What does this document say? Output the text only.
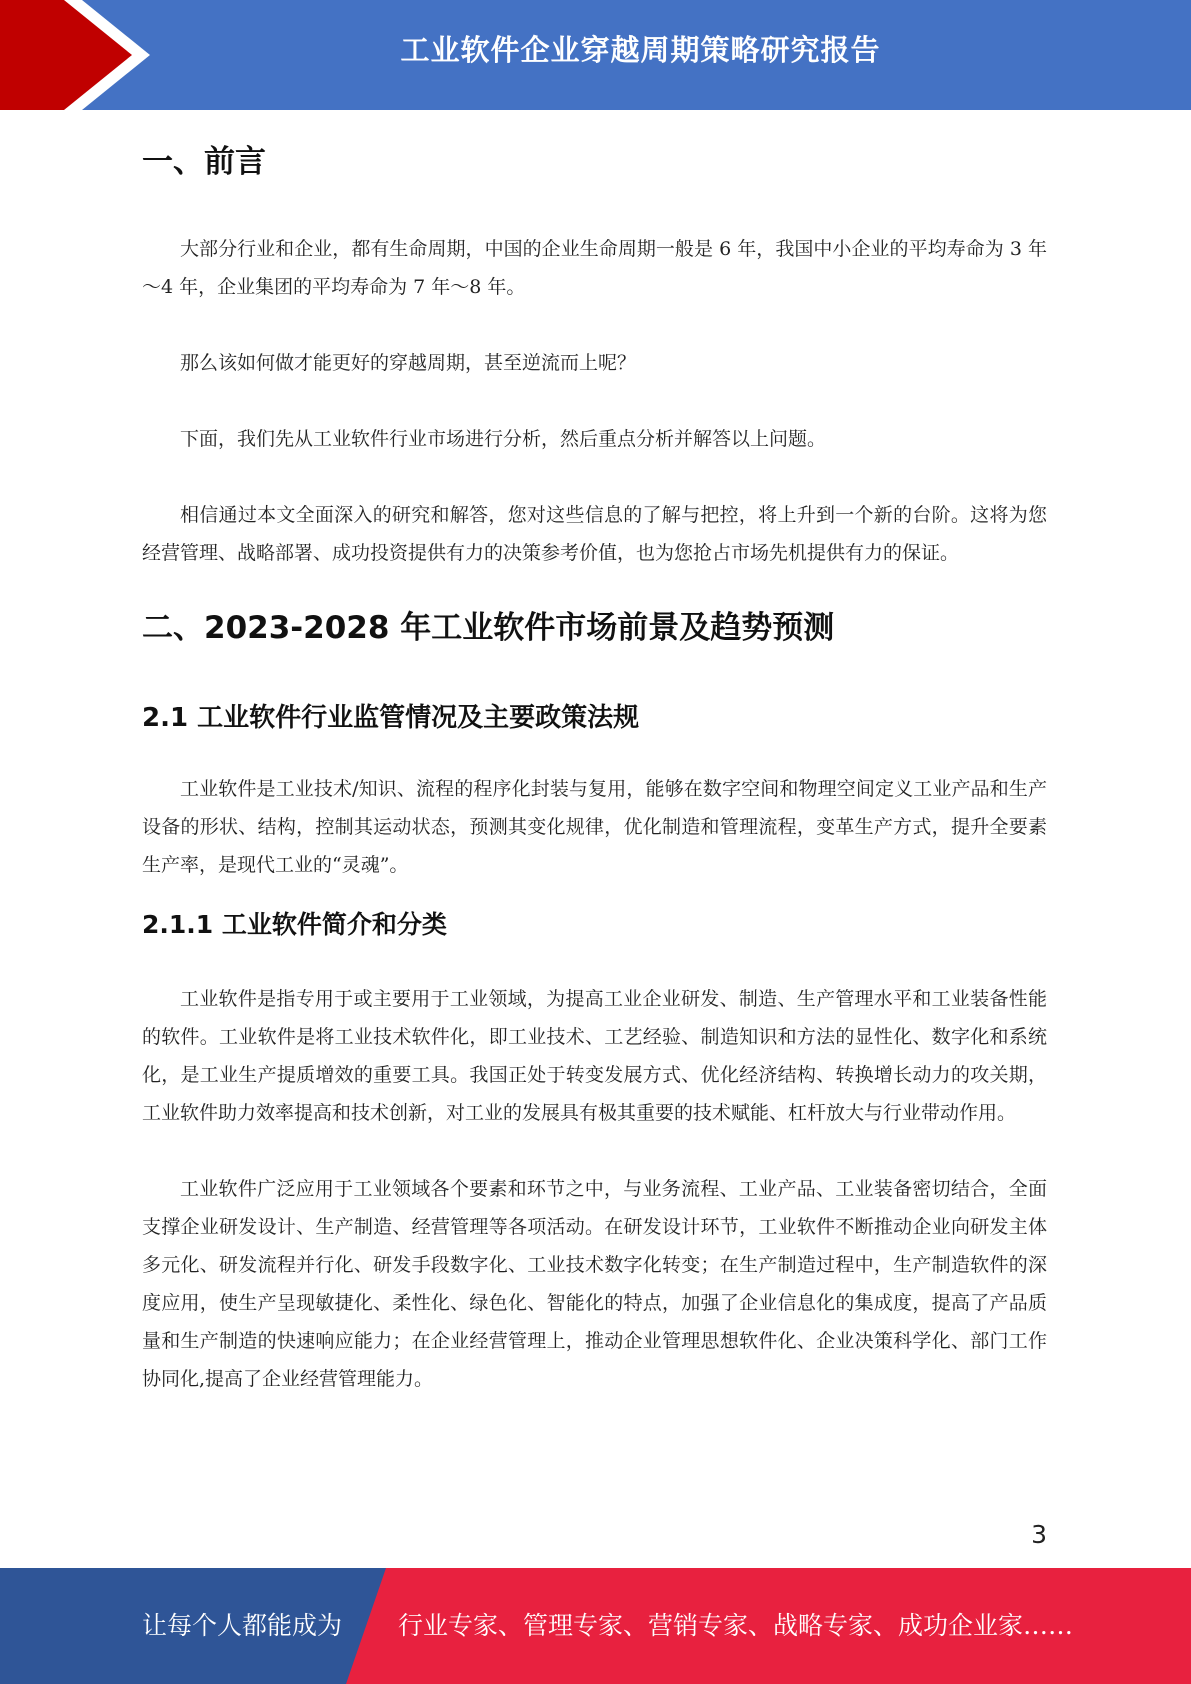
工业软件企业穿越周期策略研究报告
一、前言

大部分行业和企业，都有生命周期，中国的企业生命周期一般是 6 年，我国中小企业的平均寿命为 3 年～4 年，企业集团的平均寿命为 7 年～8 年。

那么该如何做才能更好的穿越周期，甚至逆流而上呢？

下面，我们先从工业软件行业市场进行分析，然后重点分析并解答以上问题。

相信通过本文全面深入的研究和解答，您对这些信息的了解与把控，将上升到一个新的台阶。这将为您经营管理、战略部署、成功投资提供有力的决策参考价值，也为您抢占市场先机提供有力的保证。

二、2023-2028 年工业软件市场前景及趋势预测
2.1 工业软件行业监管情况及主要政策法规

工业软件是工业技术/知识、流程的程序化封装与复用，能够在数字空间和物理空间定义工业产品和生产设备的形状、结构，控制其运动状态，预测其变化规律，优化制造和管理流程，变革生产方式，提升全要素生产率，是现代工业的“灵魂”。

2.1.1 工业软件简介和分类

工业软件是指专用于或主要用于工业领域，为提高工业企业研发、制造、生产管理水平和工业装备性能的软件。工业软件是将工业技术软件化，即工业技术、工艺经验、制造知识和方法的显性化、数字化和系统化，是工业生产提质增效的重要工具。我国正处于转变发展方式、优化经济结构、转换增长动力的攻关期，工业软件助力效率提高和技术创新，对工业的发展具有极其重要的技术赋能、杠杆放大与行业带动作用。

工业软件广泛应用于工业领域各个要素和环节之中，与业务流程、工业产品、工业装备密切结合，全面支撑企业研发设计、生产制造、经营管理等各项活动。在研发设计环节，工业软件不断推动企业向研发主体多元化、研发流程并行化、研发手段数字化、工业技术数字化转变；在生产制造过程中，生产制造软件的深度应用，使生产呈现敏捷化、柔性化、绿色化、智能化的特点，加强了企业信息化的集成度，提高了产品质量和生产制造的快速响应能力；在企业经营管理上，推动企业管理思想软件化、企业决策科学化、部门工作协同化,提高了企业经营管理能力。

3
让每个人都能成为 行业专家、管理专家、营销专家、战略专家、成功企业家……
